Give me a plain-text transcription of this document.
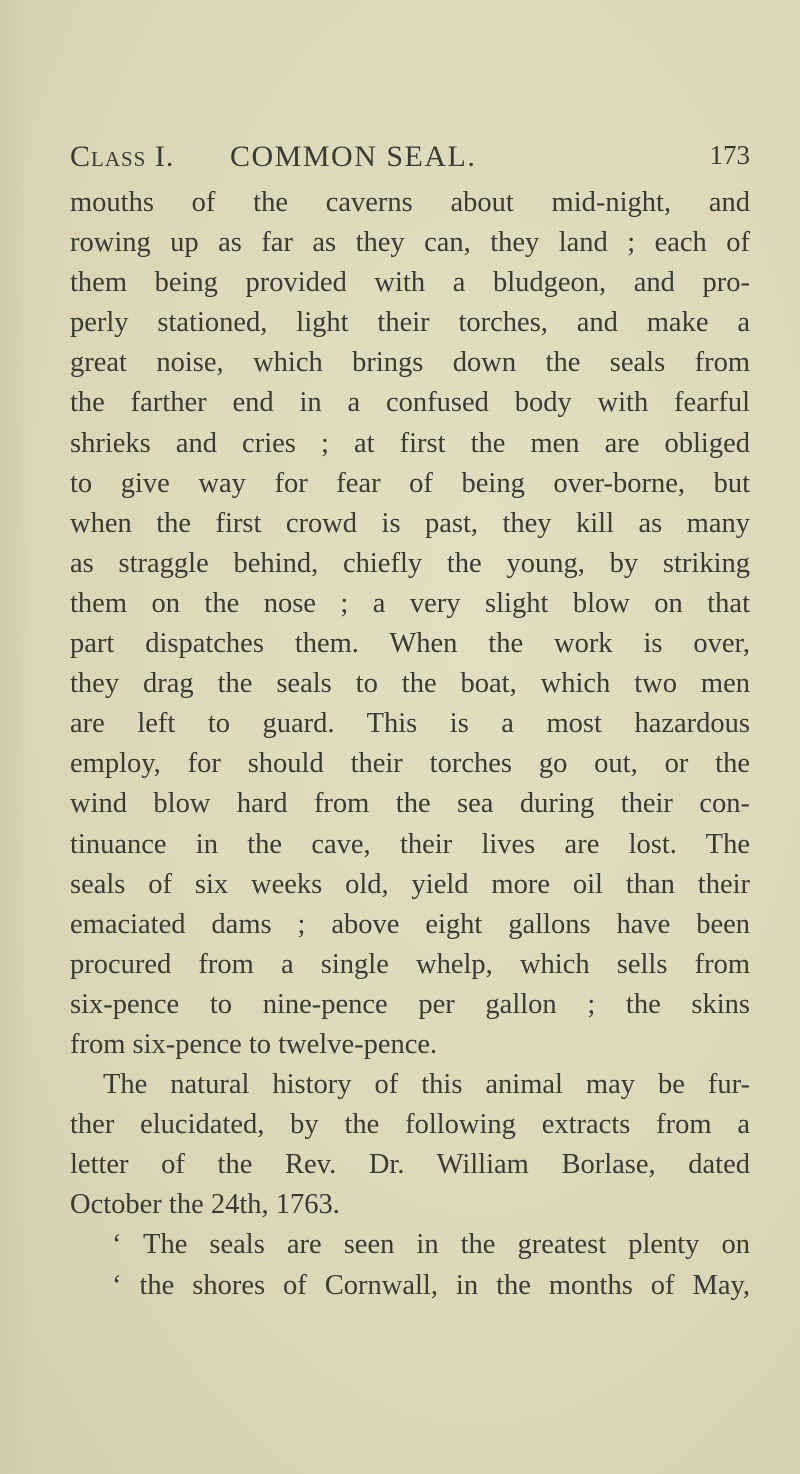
Class I. COMMON SEAL.	173
mouths of the caverns about mid-night, and
rowing up as far as they can, they land ; each of
them being provided with a bludgeon, and pro-
perly stationed, light their torches, and make a
great noise, which brings down the seals from
the farther end in a confused body with fearful
shrieks and cries ; at first the men are obliged
to give way for fear of being over-borne, but
when the first crowd is past, they kill as many
as straggle behind, chiefly the young, by striking
them on the nose ; a very slight blow on that
part dispatches them. When the work is over,
they drag the seals to the boat, which two men
are left to guard. This is a most hazardous
employ, for should their torches go out, or the
wind blow hard from the sea during their con-
tinuance in the cave, their lives are lost. The
seals of six weeks old, yield more oil than their
emaciated dams ; above eight gallons have been
procured from a single whelp, which sells from
six-pence to nine-pence per gallon ; the skins
from six-pence to twelve-pence.
The natural history of this animal may be fur-
ther elucidated, by the following extracts from a
letter of the Rev. Dr. William Borlase, dated
October the 24th, 1763.
‘ The seals are seen in the greatest plenty on
‘ the shores of Cornwall, in the months of May,
